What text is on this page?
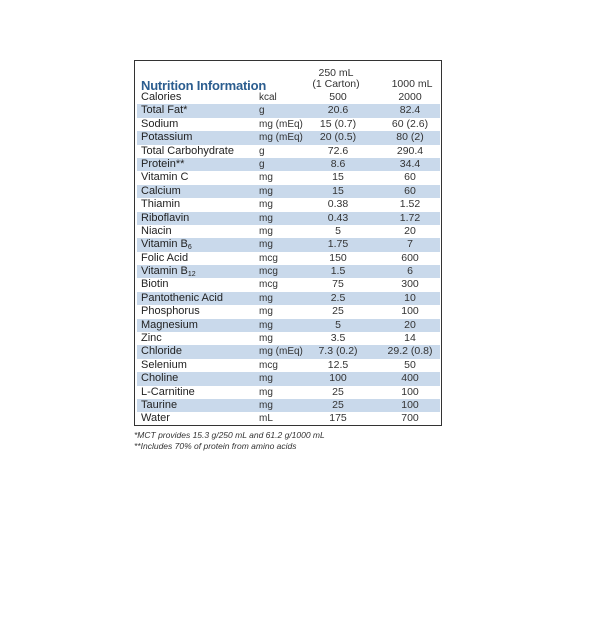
Nutrition Information
250 mL
(1 Carton)	1000 mL
Calories	kcal	500	2000
Total Fat*	g	20.6	82.4
Sodium	mg (mEq)	15 (0.7)	60 (2.6)
Potassium	mg (mEq)	20 (0.5)	80 (2)
Total Carbohydrate	g	72.6	290.4
Protein**	g	8.6	34.4
Vitamin C	mg	15	60
Calcium	mg	15	60
Thiamin	mg	0.38	1.52
Riboflavin	mg	0.43	1.72
Niacin	mg	5	20
Vitamin $B_6$	mg	1.75	7
Folic Acid	mcg	150	600
Vitamin $B_{12}$	mcg	1.5	6
Biotin	mcg	75	300
Pantothenic Acid	mg	2.5	10
Phosphorus	mg	25	100
Magnesium	mg	5	20
Zinc	mg	3.5	14
Chloride	mg (mEq)	7.3 (0.2)	29.2 (0.8)
Selenium	mcg	12.5	50
Choline	mg	100	400
L-Carnitine	mg	25	100
Taurine	mg	25	100
Water	mL	175	700
*MCT provides 15.3 g/250 mL and 61.2 g/1000 mL
**Includes 70% of protein from amino acids
